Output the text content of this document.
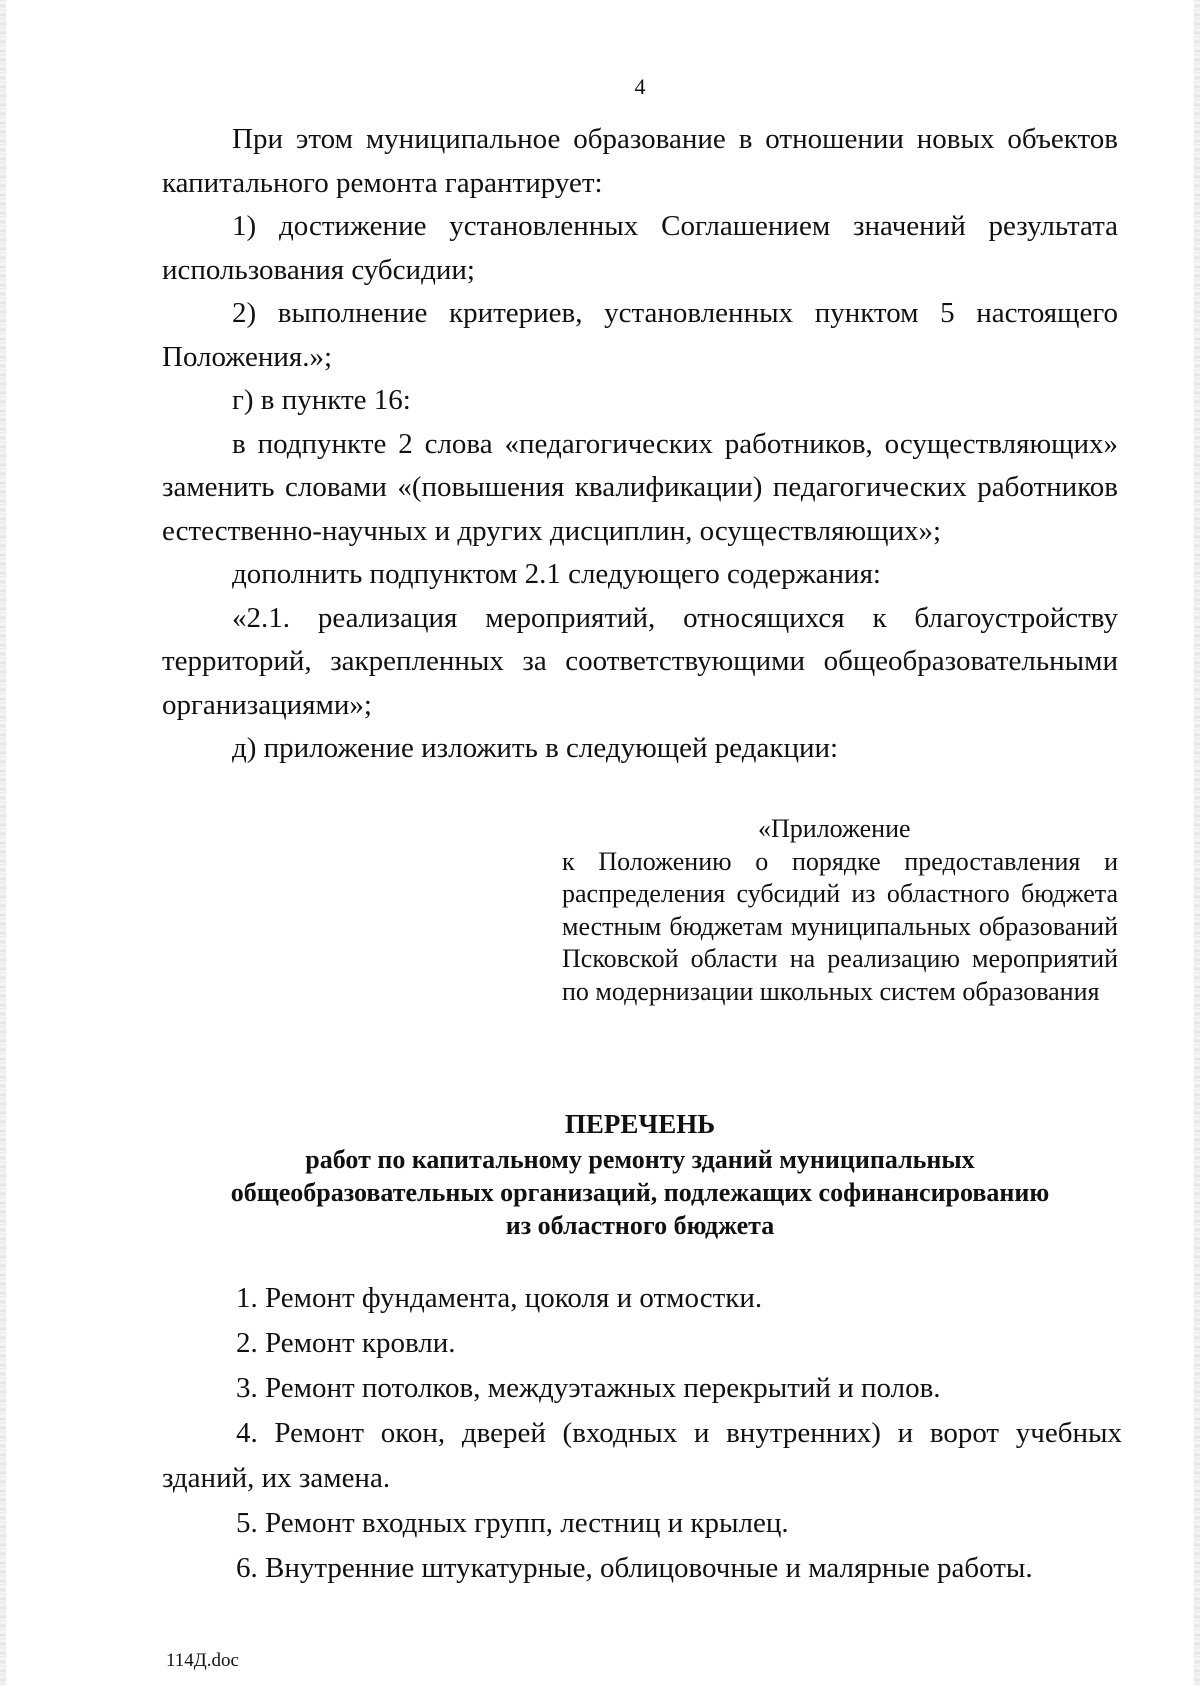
4

При этом муниципальное образование в отношении новых объектов капитального ремонта гарантирует:

1) достижение установленных Соглашением значений результата использования субсидии;

2) выполнение критериев, установленных пунктом 5 настоящего Положения.»;

г) в пункте 16:

в подпункте 2 слова «педагогических работников, осуществляющих» заменить словами «(повышения квалификации) педагогических работников естественно-научных и других дисциплин, осуществляющих»;

дополнить подпунктом 2.1 следующего содержания:

«2.1. реализация мероприятий, относящихся к благоустройству территорий, закрепленных за соответствующими общеобразовательными организациями»;

д) приложение изложить в следующей редакции:

«Приложение

к Положению о порядке предоставления и распределения субсидий из областного бюджета местным бюджетам муниципальных образований Псковской области на реализацию мероприятий по модернизации школьных систем образования

ПЕРЕЧЕНЬ
работ по капитальному ремонту зданий муниципальных
общеобразовательных организаций, подлежащих софинансированию
из областного бюджета

1. Ремонт фундамента, цоколя и отмостки.

2. Ремонт кровли.

3. Ремонт потолков, междуэтажных перекрытий и полов.

4. Ремонт окон, дверей (входных и внутренних) и ворот учебных зданий, их замена.

5. Ремонт входных групп, лестниц и крылец.

6. Внутренние штукатурные, облицовочные и малярные работы.

114Д.doc
